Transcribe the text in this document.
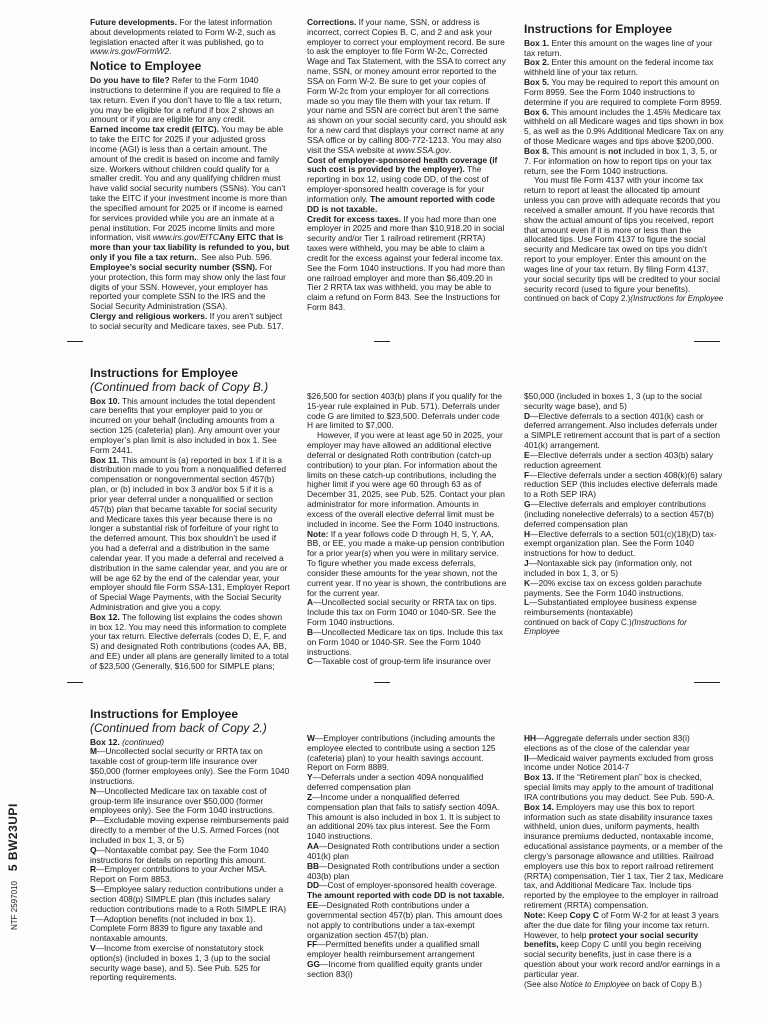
Future developments. For the latest information about developments related to Form W-2, such as legislation enacted after it was published, go to www.irs.gov/FormW2.

Notice to Employee

Do you have to file? Refer to the Form 1040 instructions to determine if you are required to file a tax return. Even if you don’t have to file a tax return, you may be eligible for a refund if box 2 shows an amount or if you are eligible for any credit.

Earned income tax credit (EITC). You may be able to take the EITC for 2025 if your adjusted gross income (AGI) is less than a certain amount. The amount of the credit is based on income and family size. Workers without children could qualify for a smaller credit. You and any qualifying children must have valid social security numbers (SSNs). You can’t take the EITC if your investment income is more than the specified amount for 2025 or if income is earned for services provided while you are an inmate at a penal institution. For 2025 income limits and more information, visit www.irs.gov/EITCAny EITC that is more than your tax liability is refunded to you, but only if you file a tax return.. See also Pub. 596.

Employee’s social security number (SSN). For your protection, this form may show only the last four digits of your SSN. However, your employer has reported your complete SSN to the IRS and the Social Security Administration (SSA).

Clergy and religious workers. If you aren’t subject to social security and Medicare taxes, see Pub. 517.

Corrections. If your name, SSN, or address is incorrect, correct Copies B, C, and 2 and ask your employer to correct your employment record. Be sure to ask the employer to file Form W-2c, Corrected Wage and Tax Statement, with the SSA to correct any name, SSN, or money amount error reported to the SSA on Form W-2. Be sure to get your copies of Form W-2c from your employer for all corrections made so you may file them with your tax return. If your name and SSN are correct but aren’t the same as shown on your social security card, you should ask for a new card that displays your correct name at any SSA office or by calling 800-772-1213. You may also visit the SSA website at www.SSA.gov.

Cost of employer-sponsored health coverage (if such cost is provided by the employer). The reporting in box 12, using code DD, of the cost of employer-sponsored health coverage is for your information only. The amount reported with code DD is not taxable.

Credit for excess taxes. If you had more than one employer in 2025 and more than $10,918.20 in social security and/or Tier 1 railroad retirement (RRTA) taxes were withheld, you may be able to claim a credit for the excess against your federal income tax. See the Form 1040 instructions. If you had more than one railroad employer and more than $6,409.20 in Tier 2 RRTA tax was withheld, you may be able to claim a refund on Form 843. See the Instructions for Form 843.

Instructions for Employee

Box 1. Enter this amount on the wages line of your tax return.

Box 2. Enter this amount on the federal income tax withheld line of your tax return.

Box 5. You may be required to report this amount on Form 8959. See the Form 1040 instructions to determine if you are required to complete Form 8959.

Box 6. This amount includes the 1.45% Medicare tax withheld on all Medicare wages and tips shown in box 5, as well as the 0.9% Additional Medicare Tax on any of those Medicare wages and tips above $200,000.

Box 8. This amount is not included in box 1, 3, 5, or 7. For information on how to report tips on your tax return, see the Form 1040 instructions.

You must file Form 4137 with your income tax return to report at least the allocated tip amount unless you can prove with adequate records that you received a smaller amount. If you have records that show the actual amount of tips you received, report that amount even if it is more or less than the allocated tips. Use Form 4137 to figure the social security and Medicare tax owed on tips you didn’t report to your employer. Enter this amount on the wages line of your tax return. By filing Form 4137, your social security tips will be credited to your social security record (used to figure your benefits).

continued on back of Copy 2.)(Instructions for Employee

Instructions for Employee (Continued from back of Copy B.)

Box 10. This amount includes the total dependent care benefits that your employer paid to you or incurred on your behalf (including amounts from a section 125 (cafeteria) plan). Any amount over your employer’s plan limit is also included in box 1. See Form 2441.

Box 11. This amount is (a) reported in box 1 if it is a distribution made to you from a nonqualified deferred compensation or nongovernmental section 457(b) plan, or (b) included in box 3 and/or box 5 if it is a prior year deferral under a nonqualified or section 457(b) plan that became taxable for social security and Medicare taxes this year because there is no longer a substantial risk of forfeiture of your right to the deferred amount. This box shouldn’t be used if you had a deferral and a distribution in the same calendar year. If you made a deferral and received a distribution in the same calendar year, and you are or will be age 62 by the end of the calendar year, your employer should file Form SSA-131, Employer Report of Special Wage Payments, with the Social Security Administration and give you a copy.

Box 12. The following list explains the codes shown in box 12. You may need this information to complete your tax return. Elective deferrals (codes D, E, F, and S) and designated Roth contributions (codes AA, BB, and EE) under all plans are generally limited to a total of $23,500 (Generally, $16,500 for SIMPLE plans;

$26,500 for section 403(b) plans if you qualify for the 15-year rule explained in Pub. 571). Deferrals under code G are limited to $23,500. Deferrals under code H are limited to $7,000.

However, if you were at least age 50 in 2025, your employer may have allowed an additional elective deferral or designated Roth contribution (catch-up contribution) to your plan. For information about the limits on these catch-up contributions, including the higher limit if you were age 60 through 63 as of December 31, 2025, see Pub. 525. Contact your plan administrator for more information. Amounts in excess of the overall elective deferral limit must be included in income. See the Form 1040 instructions.

Note: If a year follows code D through H, S, Y, AA, BB, or EE, you made a make-up pension contribution for a prior year(s) when you were in military service. To figure whether you made excess deferrals, consider these amounts for the year shown, not the current year. If no year is shown, the contributions are for the current year.

A—Uncollected social security or RRTA tax on tips. Include this tax on Form 1040 or 1040-SR. See the Form 1040 instructions.

B—Uncollected Medicare tax on tips. Include this tax on Form 1040 or 1040-SR. See the Form 1040 instructions.

C—Taxable cost of group-term life insurance over

$50,000 (included in boxes 1, 3 (up to the social security wage base), and 5)

D—Elective deferrals to a section 401(k) cash or deferred arrangement. Also includes deferrals under a SIMPLE retirement account that is part of a section 401(k) arrangement.

E—Elective deferrals under a section 403(b) salary reduction agreement

F—Elective deferrals under a section 408(k)(6) salary reduction SEP (this includes elective deferrals made to a Roth SEP IRA)

G—Elective deferrals and employer contributions (including nonelective deferrals) to a section 457(b) deferred compensation plan

H—Elective deferrals to a section 501(c)(18)(D) tax-exempt organization plan. See the Form 1040 instructions for how to deduct.

J—Nontaxable sick pay (information only, not included in box 1, 3, or 5)

K—20% excise tax on excess golden parachute payments. See the Form 1040 instructions.

L—Substantiated employee business expense reimbursements (nontaxable)

continued on back of Copy C.)(Instructions for Employee

Instructions for Employee (Continued from back of Copy 2.)

Box 12. (continued)

M—Uncollected social security or RRTA tax on taxable cost of group-term life insurance over $50,000 (former employees only). See the Form 1040 instructions.

N—Uncollected Medicare tax on taxable cost of group-term life insurance over $50,000 (former employees only). See the Form 1040 instructions.

P—Excludable moving expense reimbursements paid directly to a member of the U.S. Armed Forces (not included in box 1, 3, or 5)

Q—Nontaxable combat pay. See the Form 1040 instructions for details on reporting this amount.

R—Employer contributions to your Archer MSA. Report on Form 8853.

S—Employee salary reduction contributions under a section 408(p) SIMPLE plan (this includes salary reduction contributions made to a Roth SIMPLE IRA)

T—Adoption benefits (not included in box 1). Complete Form 8839 to figure any taxable and nontaxable amounts.

V—Income from exercise of nonstatutory stock option(s) (included in boxes 1, 3 (up to the social security wage base), and 5). See Pub. 525 for reporting requirements.

W—Employer contributions (including amounts the employee elected to contribute using a section 125 (cafeteria) plan) to your health savings account. Report on Form 8889.

Y—Deferrals under a section 409A nonqualified deferred compensation plan

Z—Income under a nonqualified deferred compensation plan that fails to satisfy section 409A. This amount is also included in box 1. It is subject to an additional 20% tax plus interest. See the Form 1040 instructions.

AA—Designated Roth contributions under a section 401(k) plan

BB—Designated Roth contributions under a section 403(b) plan

DD—Cost of employer-sponsored health coverage. The amount reported with code DD is not taxable.

EE—Designated Roth contributions under a governmental section 457(b) plan. This amount does not apply to contributions under a tax-exempt organization section 457(b) plan.

FF—Permitted benefits under a qualified small employer health reimbursement arrangement

GG—Income from qualified equity grants under section 83(i)

HH—Aggregate deferrals under section 83(i) elections as of the close of the calendar year

II—Medicaid waiver payments excluded from gross income under Notice 2014-7

Box 13. If the “Retirement plan” box is checked, special limits may apply to the amount of traditional IRA contributions you may deduct. See Pub. 590-A.

Box 14. Employers may use this box to report information such as state disability insurance taxes withheld, union dues, uniform payments, health insurance premiums deducted, nontaxable income, educational assistance payments, or a member of the clergy’s parsonage allowance and utilities. Railroad employers use this box to report railroad retirement (RRTA) compensation, Tier 1 tax, Tier 2 tax, Medicare tax, and Additional Medicare Tax. Include tips reported by the employee to the employer in railroad retirement (RRTA) compensation.

Note: Keep Copy C of Form W-2 for at least 3 years after the due date for filing your income tax return. However, to help protect your social security benefits, keep Copy C until you begin receiving social security benefits, just in case there is a question about your work record and/or earnings in a particular year.

(See also Notice to Employee on back of Copy B.)

NTF 25970105 BW23UPI
